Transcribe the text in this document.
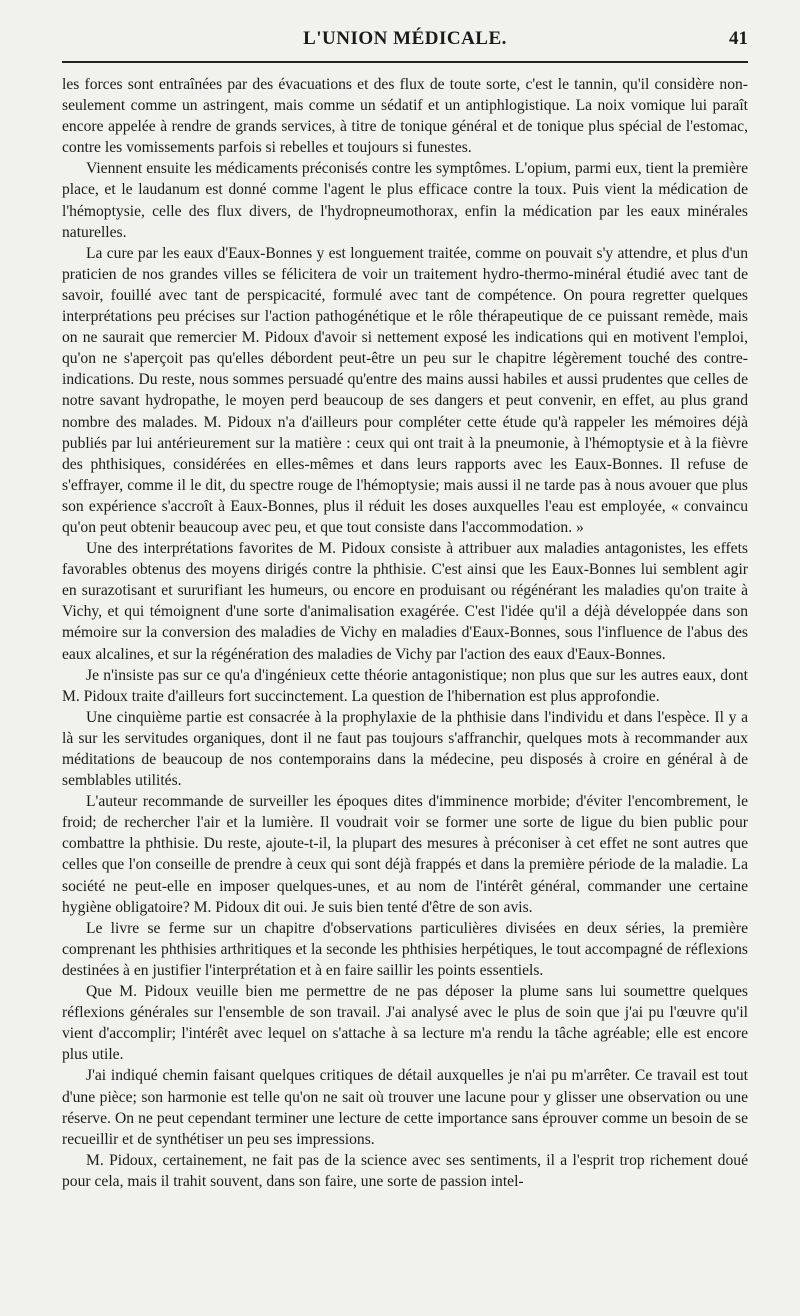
L'UNION MÉDICALE.	41

les forces sont entraînées par des évacuations et des flux de toute sorte, c'est le tannin, qu'il considère non-seulement comme un astringent, mais comme un sédatif et un antiphlogistique. La noix vomique lui paraît encore appelée à rendre de grands services, à titre de tonique général et de tonique plus spécial de l'estomac, contre les vomissements parfois si rebelles et toujours si funestes.

Viennent ensuite les médicaments préconisés contre les symptômes. L'opium, parmi eux, tient la première place, et le laudanum est donné comme l'agent le plus efficace contre la toux. Puis vient la médication de l'hémoptysie, celle des flux divers, de l'hydropneumothorax, enfin la médication par les eaux minérales naturelles.

La cure par les eaux d'Eaux-Bonnes y est longuement traitée, comme on pouvait s'y attendre, et plus d'un praticien de nos grandes villes se félicitera de voir un traitement hydro-thermo-minéral étudié avec tant de savoir, fouillé avec tant de perspicacité, formulé avec tant de compétence. On poura regretter quelques interprétations peu précises sur l'action pathogénétique et le rôle thérapeutique de ce puissant remède, mais on ne saurait que remercier M. Pidoux d'avoir si nettement exposé les indications qui en motivent l'emploi, qu'on ne s'aperçoit pas qu'elles débordent peut-être un peu sur le chapitre légèrement touché des contre-indications. Du reste, nous sommes persuadé qu'entre des mains aussi habiles et aussi prudentes que celles de notre savant hydropathe, le moyen perd beaucoup de ses dangers et peut convenir, en effet, au plus grand nombre des malades. M. Pidoux n'a d'ailleurs pour compléter cette étude qu'à rappeler les mémoires déjà publiés par lui antérieurement sur la matière : ceux qui ont trait à la pneumonie, à l'hémoptysie et à la fièvre des phthisiques, considérées en elles-mêmes et dans leurs rapports avec les Eaux-Bonnes. Il refuse de s'effrayer, comme il le dit, du spectre rouge de l'hémoptysie; mais aussi il ne tarde pas à nous avouer que plus son expérience s'accroît à Eaux-Bonnes, plus il réduit les doses auxquelles l'eau est employée, « convaincu qu'on peut obtenir beaucoup avec peu, et que tout consiste dans l'accommodation. »

Une des interprétations favorites de M. Pidoux consiste à attribuer aux maladies antagonistes, les effets favorables obtenus des moyens dirigés contre la phthisie. C'est ainsi que les Eaux-Bonnes lui semblent agir en surazotisant et sururifiant les humeurs, ou encore en produisant ou régénérant les maladies qu'on traite à Vichy, et qui témoignent d'une sorte d'animalisation exagérée. C'est l'idée qu'il a déjà développée dans son mémoire sur la conversion des maladies de Vichy en maladies d'Eaux-Bonnes, sous l'influence de l'abus des eaux alcalines, et sur la régénération des maladies de Vichy par l'action des eaux d'Eaux-Bonnes.

Je n'insiste pas sur ce qu'a d'ingénieux cette théorie antagonistique; non plus que sur les autres eaux, dont M. Pidoux traite d'ailleurs fort succinctement. La question de l'hibernation est plus approfondie.

Une cinquième partie est consacrée à la prophylaxie de la phthisie dans l'individu et dans l'espèce. Il y a là sur les servitudes organiques, dont il ne faut pas toujours s'affranchir, quelques mots à recommander aux méditations de beaucoup de nos contemporains dans la médecine, peu disposés à croire en général à de semblables utilités.

L'auteur recommande de surveiller les époques dites d'imminence morbide; d'éviter l'encombrement, le froid; de rechercher l'air et la lumière. Il voudrait voir se former une sorte de ligue du bien public pour combattre la phthisie. Du reste, ajoute-t-il, la plupart des mesures à préconiser à cet effet ne sont autres que celles que l'on conseille de prendre à ceux qui sont déjà frappés et dans la première période de la maladie. La société ne peut-elle en imposer quelques-unes, et au nom de l'intérêt général, commander une certaine hygiène obligatoire? M. Pidoux dit oui. Je suis bien tenté d'être de son avis.

Le livre se ferme sur un chapitre d'observations particulières divisées en deux séries, la première comprenant les phthisies arthritiques et la seconde les phthisies herpétiques, le tout accompagné de réflexions destinées à en justifier l'interprétation et à en faire saillir les points essentiels.

Que M. Pidoux veuille bien me permettre de ne pas déposer la plume sans lui soumettre quelques réflexions générales sur l'ensemble de son travail. J'ai analysé avec le plus de soin que j'ai pu l'œuvre qu'il vient d'accomplir; l'intérêt avec lequel on s'attache à sa lecture m'a rendu la tâche agréable; elle est encore plus utile.

J'ai indiqué chemin faisant quelques critiques de détail auxquelles je n'ai pu m'arrêter. Ce travail est tout d'une pièce; son harmonie est telle qu'on ne sait où trouver une lacune pour y glisser une observation ou une réserve. On ne peut cependant terminer une lecture de cette importance sans éprouver comme un besoin de se recueillir et de synthétiser un peu ses impressions.

M. Pidoux, certainement, ne fait pas de la science avec ses sentiments, il a l'esprit trop richement doué pour cela, mais il trahit souvent, dans son faire, une sorte de passion intel-
